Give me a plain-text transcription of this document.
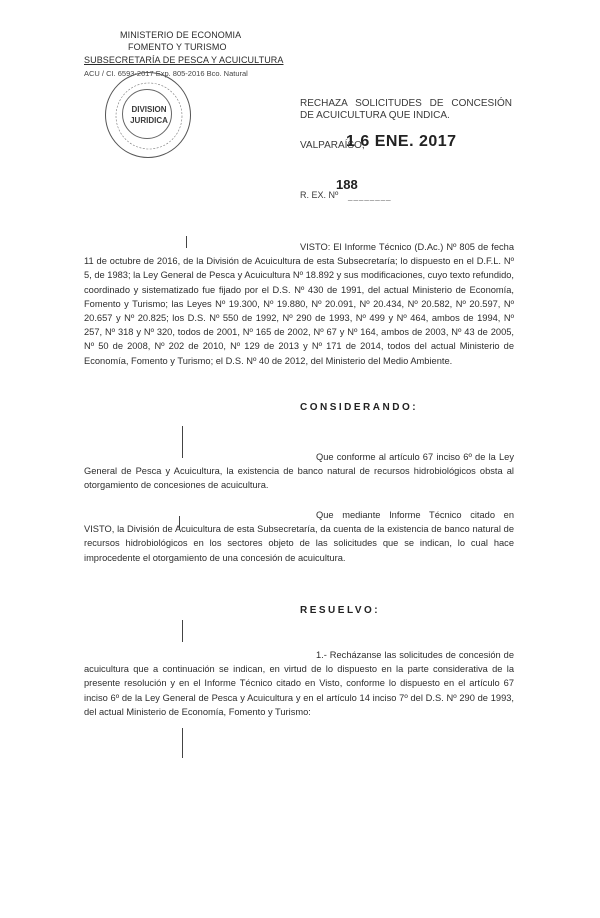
MINISTERIO DE ECONOMIA
FOMENTO Y TURISMO
SUBSECRETARÍA DE PESCA Y ACUICULTURA
ACU / CI. 6593-2017 Exp. 805-2016 Bco. Natural
DIVISION
JURIDICA
RECHAZA SOLICITUDES DE CONCESIÓN DE ACUICULTURA QUE INDICA.
VALPARAÍSO,
1 6 ENE. 2017
R. EX. Nº
188
________

VISTO: El Informe Técnico (D.Ac.) Nº 805 de fecha 11 de octubre de 2016, de la División de Acuicultura de esta Subsecretaría; lo dispuesto en el D.F.L. Nº 5, de 1983; la Ley General de Pesca y Acuicultura Nº 18.892 y sus modificaciones, cuyo texto refundido, coordinado y sistematizado fue fijado por el D.S. Nº 430 de 1991, del actual Ministerio de Economía, Fomento y Turismo; las Leyes Nº 19.300, Nº 19.880, Nº 20.091, Nº 20.434, Nº 20.582, Nº 20.597, Nº 20.657 y Nº 20.825; los D.S. Nº 550 de 1992, Nº 290 de 1993, Nº 499 y Nº 464, ambos de 1994, Nº 257, Nº 318 y Nº 320, todos de 2001, Nº 165 de 2002, Nº 67 y Nº 164, ambos de 2003, Nº 43 de 2005, Nº 50 de 2008, Nº 202 de 2010, Nº 129 de 2013 y Nº 171 de 2014, todos del actual Ministerio de Economía, Fomento y Turismo; el D.S. Nº 40 de 2012, del Ministerio del Medio Ambiente.

CONSIDERANDO:

Que conforme al artículo 67 inciso 6º de la Ley General de Pesca y Acuicultura, la existencia de banco natural de recursos hidrobiológicos obsta al otorgamiento de concesiones de acuicultura.

Que mediante Informe Técnico citado en VISTO, la División de Acuicultura de esta Subsecretaría, da cuenta de la existencia de banco natural de recursos hidrobiológicos en los sectores objeto de las solicitudes que se indican, lo cual hace improcedente el otorgamiento de una concesión de acuicultura.

RESUELVO:

1.- Recházanse las solicitudes de concesión de acuicultura que a continuación se indican, en virtud de lo dispuesto en la parte considerativa de la presente resolución y en el Informe Técnico citado en Visto, conforme lo dispuesto en el artículo 67 inciso 6º de la Ley General de Pesca y Acuicultura y en el artículo 14 inciso 7º del D.S. Nº 290 de 1993, del actual Ministerio de Economía, Fomento y Turismo:
